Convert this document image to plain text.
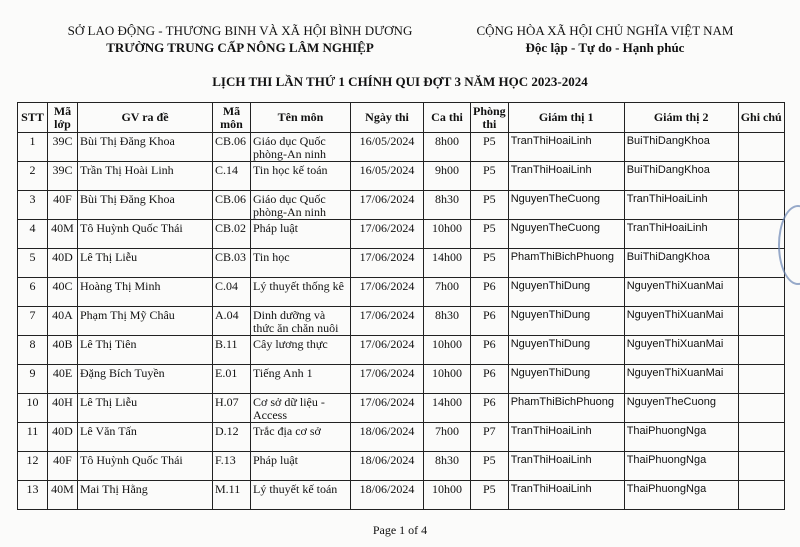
SỞ LAO ĐỘNG - THƯƠNG BINH VÀ XÃ HỘI BÌNH DƯƠNG
TRƯỜNG TRUNG CẤP NÔNG LÂM NGHIỆP
CỘNG HÒA XÃ HỘI CHỦ NGHĨA VIỆT NAM
Độc lập - Tự do - Hạnh phúc
LỊCH THI LẦN THỨ 1 CHÍNH QUI ĐỢT 3 NĂM HỌC 2023-2024
STT	Mã lớp	GV ra đề	Mã môn	Tên môn	Ngày thi	Ca thi	Phòng thi	Giám thị 1	Giám thị 2	Ghi chú
1	39C	Bùi Thị Đăng Khoa	CB.06	Giáo dục Quốc phòng-An ninh	16/05/2024	8h00	P5	TranThiHoaiLinh	BuiThiDangKhoa	
2	39C	Trần Thị Hoài Linh	C.14	Tin học kế toán	16/05/2024	9h00	P5	TranThiHoaiLinh	BuiThiDangKhoa	
3	40F	Bùi Thị Đăng Khoa	CB.06	Giáo dục Quốc phòng-An ninh	17/06/2024	8h30	P5	NguyenTheCuong	TranThiHoaiLinh	
4	40M	Tô Huỳnh Quốc Thái	CB.02	Pháp luật	17/06/2024	10h00	P5	NguyenTheCuong	TranThiHoaiLinh	
5	40D	Lê Thị Liễu	CB.03	Tin học	17/06/2024	14h00	P5	PhamThiBichPhuong	BuiThiDangKhoa	
6	40C	Hoàng Thị Minh	C.04	Lý thuyết thống kê	17/06/2024	7h00	P6	NguyenThiDung	NguyenThiXuanMai	
7	40A	Phạm Thị Mỹ Châu	A.04	Dinh dưỡng và thức ăn chăn nuôi	17/06/2024	8h30	P6	NguyenThiDung	NguyenThiXuanMai	
8	40B	Lê Thị Tiên	B.11	Cây lương thực	17/06/2024	10h00	P6	NguyenThiDung	NguyenThiXuanMai	
9	40E	Đặng Bích Tuyền	E.01	Tiếng Anh 1	17/06/2024	10h00	P6	NguyenThiDung	NguyenThiXuanMai	
10	40H	Lê Thị Liễu	H.07	Cơ sở dữ liệu - Access	17/06/2024	14h00	P6	PhamThiBichPhuong	NguyenTheCuong	
11	40D	Lê Văn Tấn	D.12	Trắc địa cơ sở	18/06/2024	7h00	P7	TranThiHoaiLinh	ThaiPhuongNga	
12	40F	Tô Huỳnh Quốc Thái	F.13	Pháp luật	18/06/2024	8h30	P5	TranThiHoaiLinh	ThaiPhuongNga	
13	40M	Mai Thị Hằng	M.11	Lý thuyết kế toán	18/06/2024	10h00	P5	TranThiHoaiLinh	ThaiPhuongNga	
Page 1 of 4
